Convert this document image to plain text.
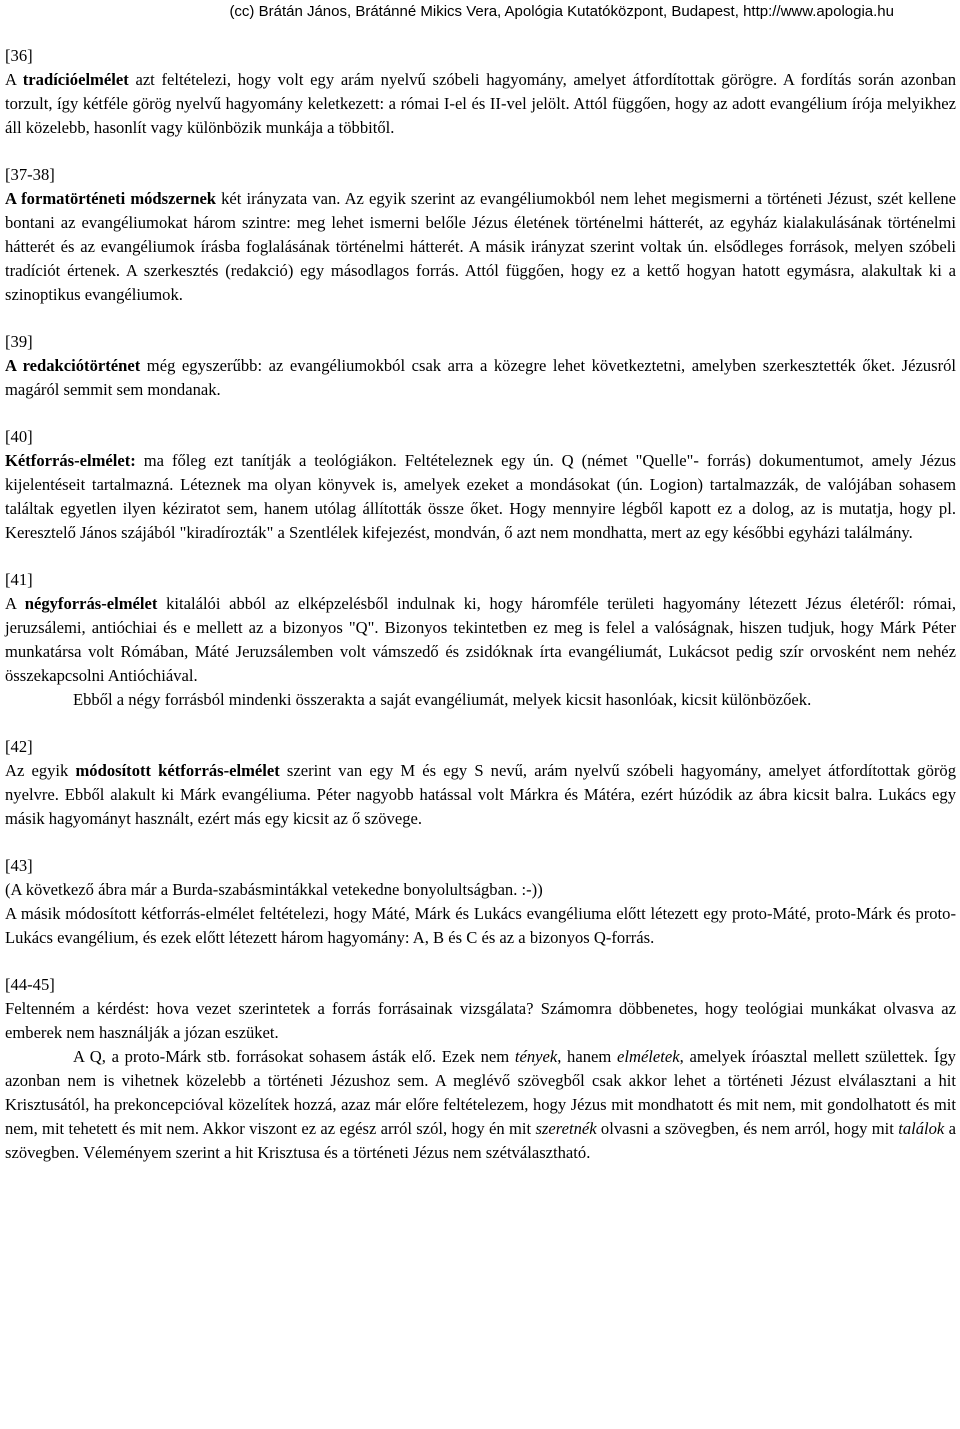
(cc) Brátán János, Brátánné Mikics Vera, Apológia Kutatóközpont, Budapest, http://www.apologia.hu
[36]

A tradícióelmélet azt feltételezi, hogy volt egy arám nyelvű szóbeli hagyomány, amelyet átfordítottak görögre. A fordítás során azonban torzult, így kétféle görög nyelvű hagyomány keletkezett: a római I-el és II-vel jelölt. Attól függően, hogy az adott evangélium írója melyikhez áll közelebb, hasonlít vagy különbözik munkája a többitől.

[37-38]

A formatörténeti módszernek két irányzata van. Az egyik szerint az evangéliumokból nem lehet megismerni a történeti Jézust, szét kellene bontani az evangéliumokat három szintre: meg lehet ismerni belőle Jézus életének történelmi hátterét, az egyház kialakulásának történelmi hátterét és az evangéliumok írásba foglalásának történelmi hátterét. A másik irányzat szerint voltak ún. elsődleges források, melyen szóbeli tradíciót értenek. A szerkesztés (redakció) egy másodlagos forrás. Attól függően, hogy ez a kettő hogyan hatott egymásra, alakultak ki a szinoptikus evangéliumok.

[39]

A redakciótörténet még egyszerűbb: az evangéliumokból csak arra a közegre lehet következtetni, amelyben szerkesztették őket. Jézusról magáról semmit sem mondanak.

[40]

Kétforrás-elmélet: ma főleg ezt tanítják a teológiákon. Feltételeznek egy ún. Q (német "Quelle"- forrás) dokumentumot, amely Jézus kijelentéseit tartalmazná. Léteznek ma olyan könyvek is, amelyek ezeket a mondásokat (ún. Logion) tartalmazzák, de valójában sohasem találtak egyetlen ilyen kéziratot sem, hanem utólag állították össze őket. Hogy mennyire légből kapott ez a dolog, az is mutatja, hogy pl. Keresztelő János szájából "kiradírozták" a Szentlélek kifejezést, mondván, ő azt nem mondhatta, mert az egy későbbi egyházi találmány.

[41]

A négyforrás-elmélet kitalálói abból az elképzelésből indulnak ki, hogy háromféle területi hagyomány létezett Jézus életéről: római, jeruzsálemi, antióchiai és e mellett az a bizonyos "Q". Bizonyos tekintetben ez meg is felel a valóságnak, hiszen tudjuk, hogy Márk Péter munkatársa volt Rómában, Máté Jeruzsálemben volt vámszedő és zsidóknak írta evangéliumát, Lukácsot pedig szír orvosként nem nehéz összekapcsolni Antióchiával.

Ebből a négy forrásból mindenki összerakta a saját evangéliumát, melyek kicsit hasonlóak, kicsit különbözőek.

[42]

Az egyik módosított kétforrás-elmélet szerint van egy M és egy S nevű, arám nyelvű szóbeli hagyomány, amelyet átfordítottak görög nyelvre. Ebből alakult ki Márk evangéliuma. Péter nagyobb hatással volt Márkra és Mátéra, ezért húzódik az ábra kicsit balra. Lukács egy másik hagyományt használt, ezért más egy kicsit az ő szövege.

[43]

(A következő ábra már a Burda-szabásmintákkal vetekedne bonyolultságban. :-))

A másik módosított kétforrás-elmélet feltételezi, hogy Máté, Márk és Lukács evangéliuma előtt létezett egy proto-Máté, proto-Márk és proto-Lukács evangélium, és ezek előtt létezett három hagyomány: A, B és C és az a bizonyos Q-forrás.

[44-45]

Feltenném a kérdést: hova vezet szerintetek a forrás forrásainak vizsgálata? Számomra döbbenetes, hogy teológiai munkákat olvasva az emberek nem használják a józan eszüket.

A Q, a proto-Márk stb. forrásokat sohasem ásták elő. Ezek nem tények, hanem elméletek, amelyek íróasztal mellett születtek. Így azonban nem is vihetnek közelebb a történeti Jézushoz sem. A meglévő szövegből csak akkor lehet a történeti Jézust elválasztani a hit Krisztusától, ha prekoncepcióval közelítek hozzá, azaz már előre feltételezem, hogy Jézus mit mondhatott és mit nem, mit gondolhatott és mit nem, mit tehetett és mit nem. Akkor viszont ez az egész arról szól, hogy én mit szeretnék olvasni a szövegben, és nem arról, hogy mit találok a szövegben. Véleményem szerint a hit Krisztusa és a történeti Jézus nem szétválasztható.
